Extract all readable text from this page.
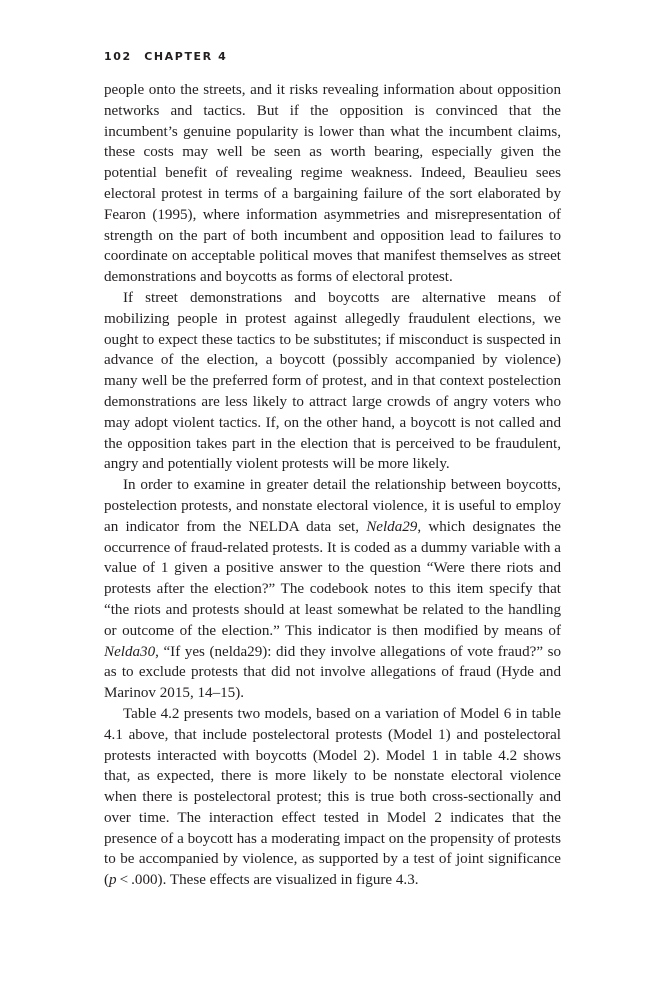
102 CHAPTER 4

people onto the streets, and it risks revealing information about opposition networks and tactics. But if the opposition is convinced that the incumbent’s genuine popularity is lower than what the incumbent claims, these costs may well be seen as worth bearing, especially given the potential benefit of revealing regime weakness. Indeed, Beaulieu sees electoral protest in terms of a bargaining failure of the sort elaborated by Fearon (1995), where information asymmetries and misrepresentation of strength on the part of both incumbent and opposition lead to failures to coordinate on acceptable political moves that manifest themselves as street demonstrations and boycotts as forms of electoral protest.

If street demonstrations and boycotts are alternative means of mobilizing people in protest against allegedly fraudulent elections, we ought to expect these tactics to be substitutes; if misconduct is suspected in advance of the election, a boycott (possibly accompanied by violence) many well be the preferred form of protest, and in that context postelection demonstrations are less likely to attract large crowds of angry voters who may adopt violent tactics. If, on the other hand, a boycott is not called and the opposition takes part in the election that is perceived to be fraudulent, angry and potentially violent protests will be more likely.

In order to examine in greater detail the relationship between boycotts, postelection protests, and nonstate electoral violence, it is useful to employ an indicator from the NELDA data set, Nelda29, which designates the occurrence of fraud-related protests. It is coded as a dummy variable with a value of 1 given a positive answer to the question “Were there riots and protests after the election?” The codebook notes to this item specify that “the riots and protests should at least somewhat be related to the handling or outcome of the election.” This indicator is then modified by means of Nelda30, “If yes (nelda29): did they involve allegations of vote fraud?” so as to exclude protests that did not involve allegations of fraud (Hyde and Marinov 2015, 14–15).

Table 4.2 presents two models, based on a variation of Model 6 in table 4.1 above, that include postelectoral protests (Model 1) and postelectoral protests interacted with boycotts (Model 2). Model 1 in table 4.2 shows that, as expected, there is more likely to be nonstate electoral violence when there is postelectoral protest; this is true both cross-sectionally and over time. The interaction effect tested in Model 2 indicates that the presence of a boycott has a moderating impact on the propensity of protests to be accompanied by violence, as supported by a test of joint significance (p < .000). These effects are visualized in figure 4.3.
